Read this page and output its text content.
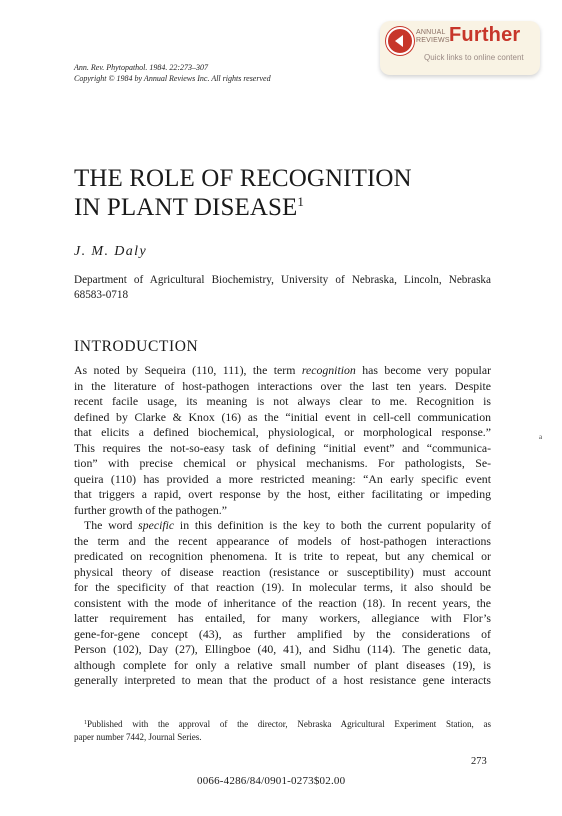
ANNUAL
REVIEWS Further
Quick links to online content
Ann. Rev. Phytopathol. 1984. 22:273–307
Copyright © 1984 by Annual Reviews Inc. All rights reserved
THE ROLE OF RECOGNITION
IN PLANT DISEASE$^1$
J. M. Daly

Department of Agricultural Biochemistry, University of Nebraska, Lincoln, Nebraska
68583-0718

INTRODUCTION
As noted by Sequeira (110, 111), the term recognition has become very popular
in the literature of host-pathogen interactions over the last ten years. Despite
recent facile usage, its meaning is not always clear to me. Recognition is
defined by Clarke & Knox (16) as the “initial event in cell-cell communication
that elicits a defined biochemical, physiological, or morphological response.”
This requires the not-so-easy task of defining “initial event” and “communica-
tion” with precise chemical or physical mechanisms. For pathologists, Se-
queira (110) has provided a more restricted meaning: “An early specific event
that triggers a rapid, overt response by the host, either facilitating or impeding
further growth of the pathogen.”
The word specific in this definition is the key to both the current popularity of
the term and the recent appearance of models of host-pathogen interactions
predicated on recognition phenomena. It is trite to repeat, but any chemical or
physical theory of disease reaction (resistance or susceptibility) must account
for the specificity of that reaction (19). In molecular terms, it also should be
consistent with the mode of inheritance of the reaction (18). In recent years, the
latter requirement has entailed, for many workers, allegiance with Flor’s
gene-for-gene concept (43), as further amplified by the considerations of
Person (102), Day (27), Ellingboe (40, 41), and Sidhu (114). The genetic data,
although complete for only a relative small number of plant diseases (19), is
generally interpreted to mean that the product of a host resistance gene interacts
$^1$Published with the approval of the director, Nebraska Agricultural Experiment Station, as
paper number 7442, Journal Series.
273
0066-4286/84/0901-0273$02.00
a
